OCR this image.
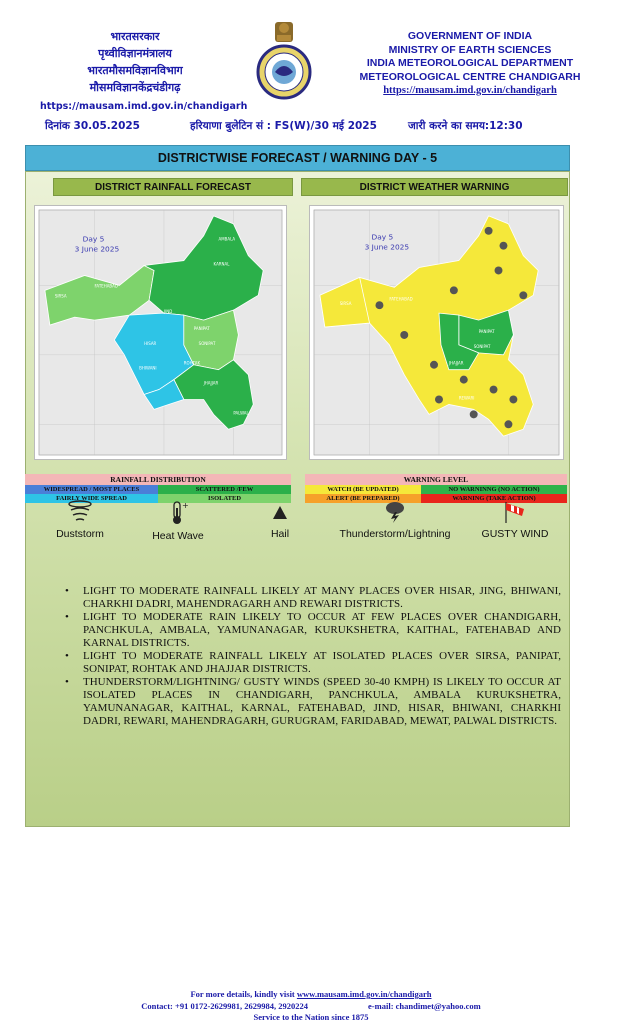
भारतसरकार
पृथ्वीविज्ञानमंत्रालय
भारतमौसमविज्ञानविभाग
मौसमविज्ञानकेंद्रचंडीगढ़
https://mausam.imd.gov.in/chandigarh
GOVERNMENT OF INDIA
MINISTRY OF EARTH SCIENCES
INDIA METEOROLOGICAL DEPARTMENT
METEOROLOGICAL CENTRE CHANDIGARH
https://mausam.imd.gov.in/chandigarh
दिनांक 30.05.2025	हरियाणा बुलेटिन सं : FS(W)/30 मई 2025	जारी करने का समय:12:30
DISTRICTWISE FORECAST / WARNING DAY - 5
DISTRICT RAINFALL FORECAST	DISTRICT WEATHER WARNING
SIRSA
FATEHABAD
JIND
HISAR
BHIWANI
PANIPAT
SONIPAT
ROHTAK
JHAJJAR
KARNAL
AMBALA
PALWAL
Day 5
3 June 2025
SIRSA
FATEHABAD
PANIPAT
SONIPAT
JHAJJAR
REWARI
Day 5
3 June 2025
RAINFALL DISTRIBUTION
WIDESPREAD / MOST PLACES	SCATTERED /FEW
FAIRLY WIDE SPREAD	ISOLATED
WARNING LEVEL
WATCH (BE UPDATED)	NO WARNINNG (NO ACTION)
ALERT (BE PREPARED)	WARNING (TAKE ACTION)
Duststorm
+
Heat Wave	Hail	Thunderstorm/Lightning	GUSTY WIND
• LIGHT TO MODERATE RAINFALL LIKELY AT MANY PLACES OVER HISAR, JING, BHIWANI, CHARKHI DADRI, MAHENDRAGARH AND REWARI DISTRICTS.
• LIGHT TO MODERATE RAIN LIKELY TO OCCUR AT FEW PLACES OVER CHANDIGARH, PANCHKULA, AMBALA, YAMUNANAGAR, KURUKSHETRA, KAITHAL, FATEHABAD AND KARNAL DISTRICTS.
• LIGHT TO MODERATE RAINFALL LIKELY AT ISOLATED PLACES OVER SIRSA, PANIPAT, SONIPAT, ROHTAK AND JHAJJAR DISTRICTS.
• THUNDERSTORM/LIGHTNING/ GUSTY WINDS (SPEED 30-40 KMPH) IS LIKELY TO OCCUR AT ISOLATED PLACES IN CHANDIGARH, PANCHKULA, AMBALA KURUKSHETRA, YAMUNANAGAR, KAITHAL, KARNAL, FATEHABAD, JIND, HISAR, BHIWANI, CHARKHI DADRI, REWARI, MAHENDRAGARH, GURUGRAM, FARIDABAD, MEWAT, PALWAL DISTRICTS.
For more details, kindly visit www.mausam.imd.gov.in/chandigarh
Contact: +91 0172-2629981, 2629984, 2920224	e-mail: chandimet@yahoo.com
Service to the Nation since 1875
